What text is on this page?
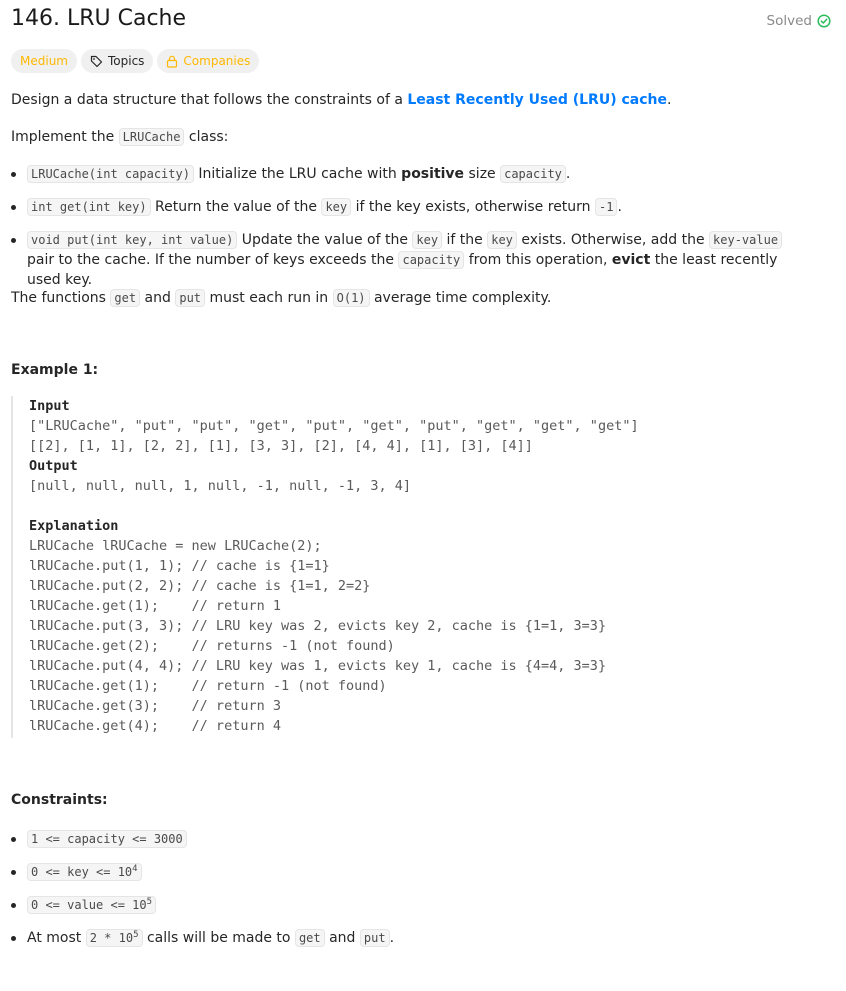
146. LRU Cache	Solved
Medium	Topics	Companies

Design a data structure that follows the constraints of a Least Recently Used (LRU) cache.

Implement the LRUCache class:

LRUCache(int capacity) Initialize the LRU cache with positive size capacity .
int get(int key) Return the value of the key if the key exists, otherwise return -1 .
void put(int key, int value) Update the value of the key if the key exists. Otherwise, add the key-value pair to the cache. If the number of keys exceeds the capacity from this operation, evict the least recently used key.

The functions get and put must each run in O(1) average time complexity.

Example 1:

Input
["LRUCache", "put", "put", "get", "put", "get", "put", "get", "get", "get"]
[[2], [1, 1], [2, 2], [1], [3, 3], [2], [4, 4], [1], [3], [4]]
Output
[null, null, null, 1, null, -1, null, -1, 3, 4]

Explanation
LRUCache lRUCache = new LRUCache(2);
lRUCache.put(1, 1); // cache is {1=1}
lRUCache.put(2, 2); // cache is {1=1, 2=2}
lRUCache.get(1);    // return 1
lRUCache.put(3, 3); // LRU key was 2, evicts key 2, cache is {1=1, 3=3}
lRUCache.get(2);    // returns -1 (not found)
lRUCache.put(4, 4); // LRU key was 1, evicts key 1, cache is {4=4, 3=3}
lRUCache.get(1);    // return -1 (not found)
lRUCache.get(3);    // return 3
lRUCache.get(4);    // return 4

Constraints:

1 <= capacity <= 3000
0 <= key <= $10^4$
0 <= value <= $10^5$
At most $2 * 10^5$ calls will be made to get and put .
